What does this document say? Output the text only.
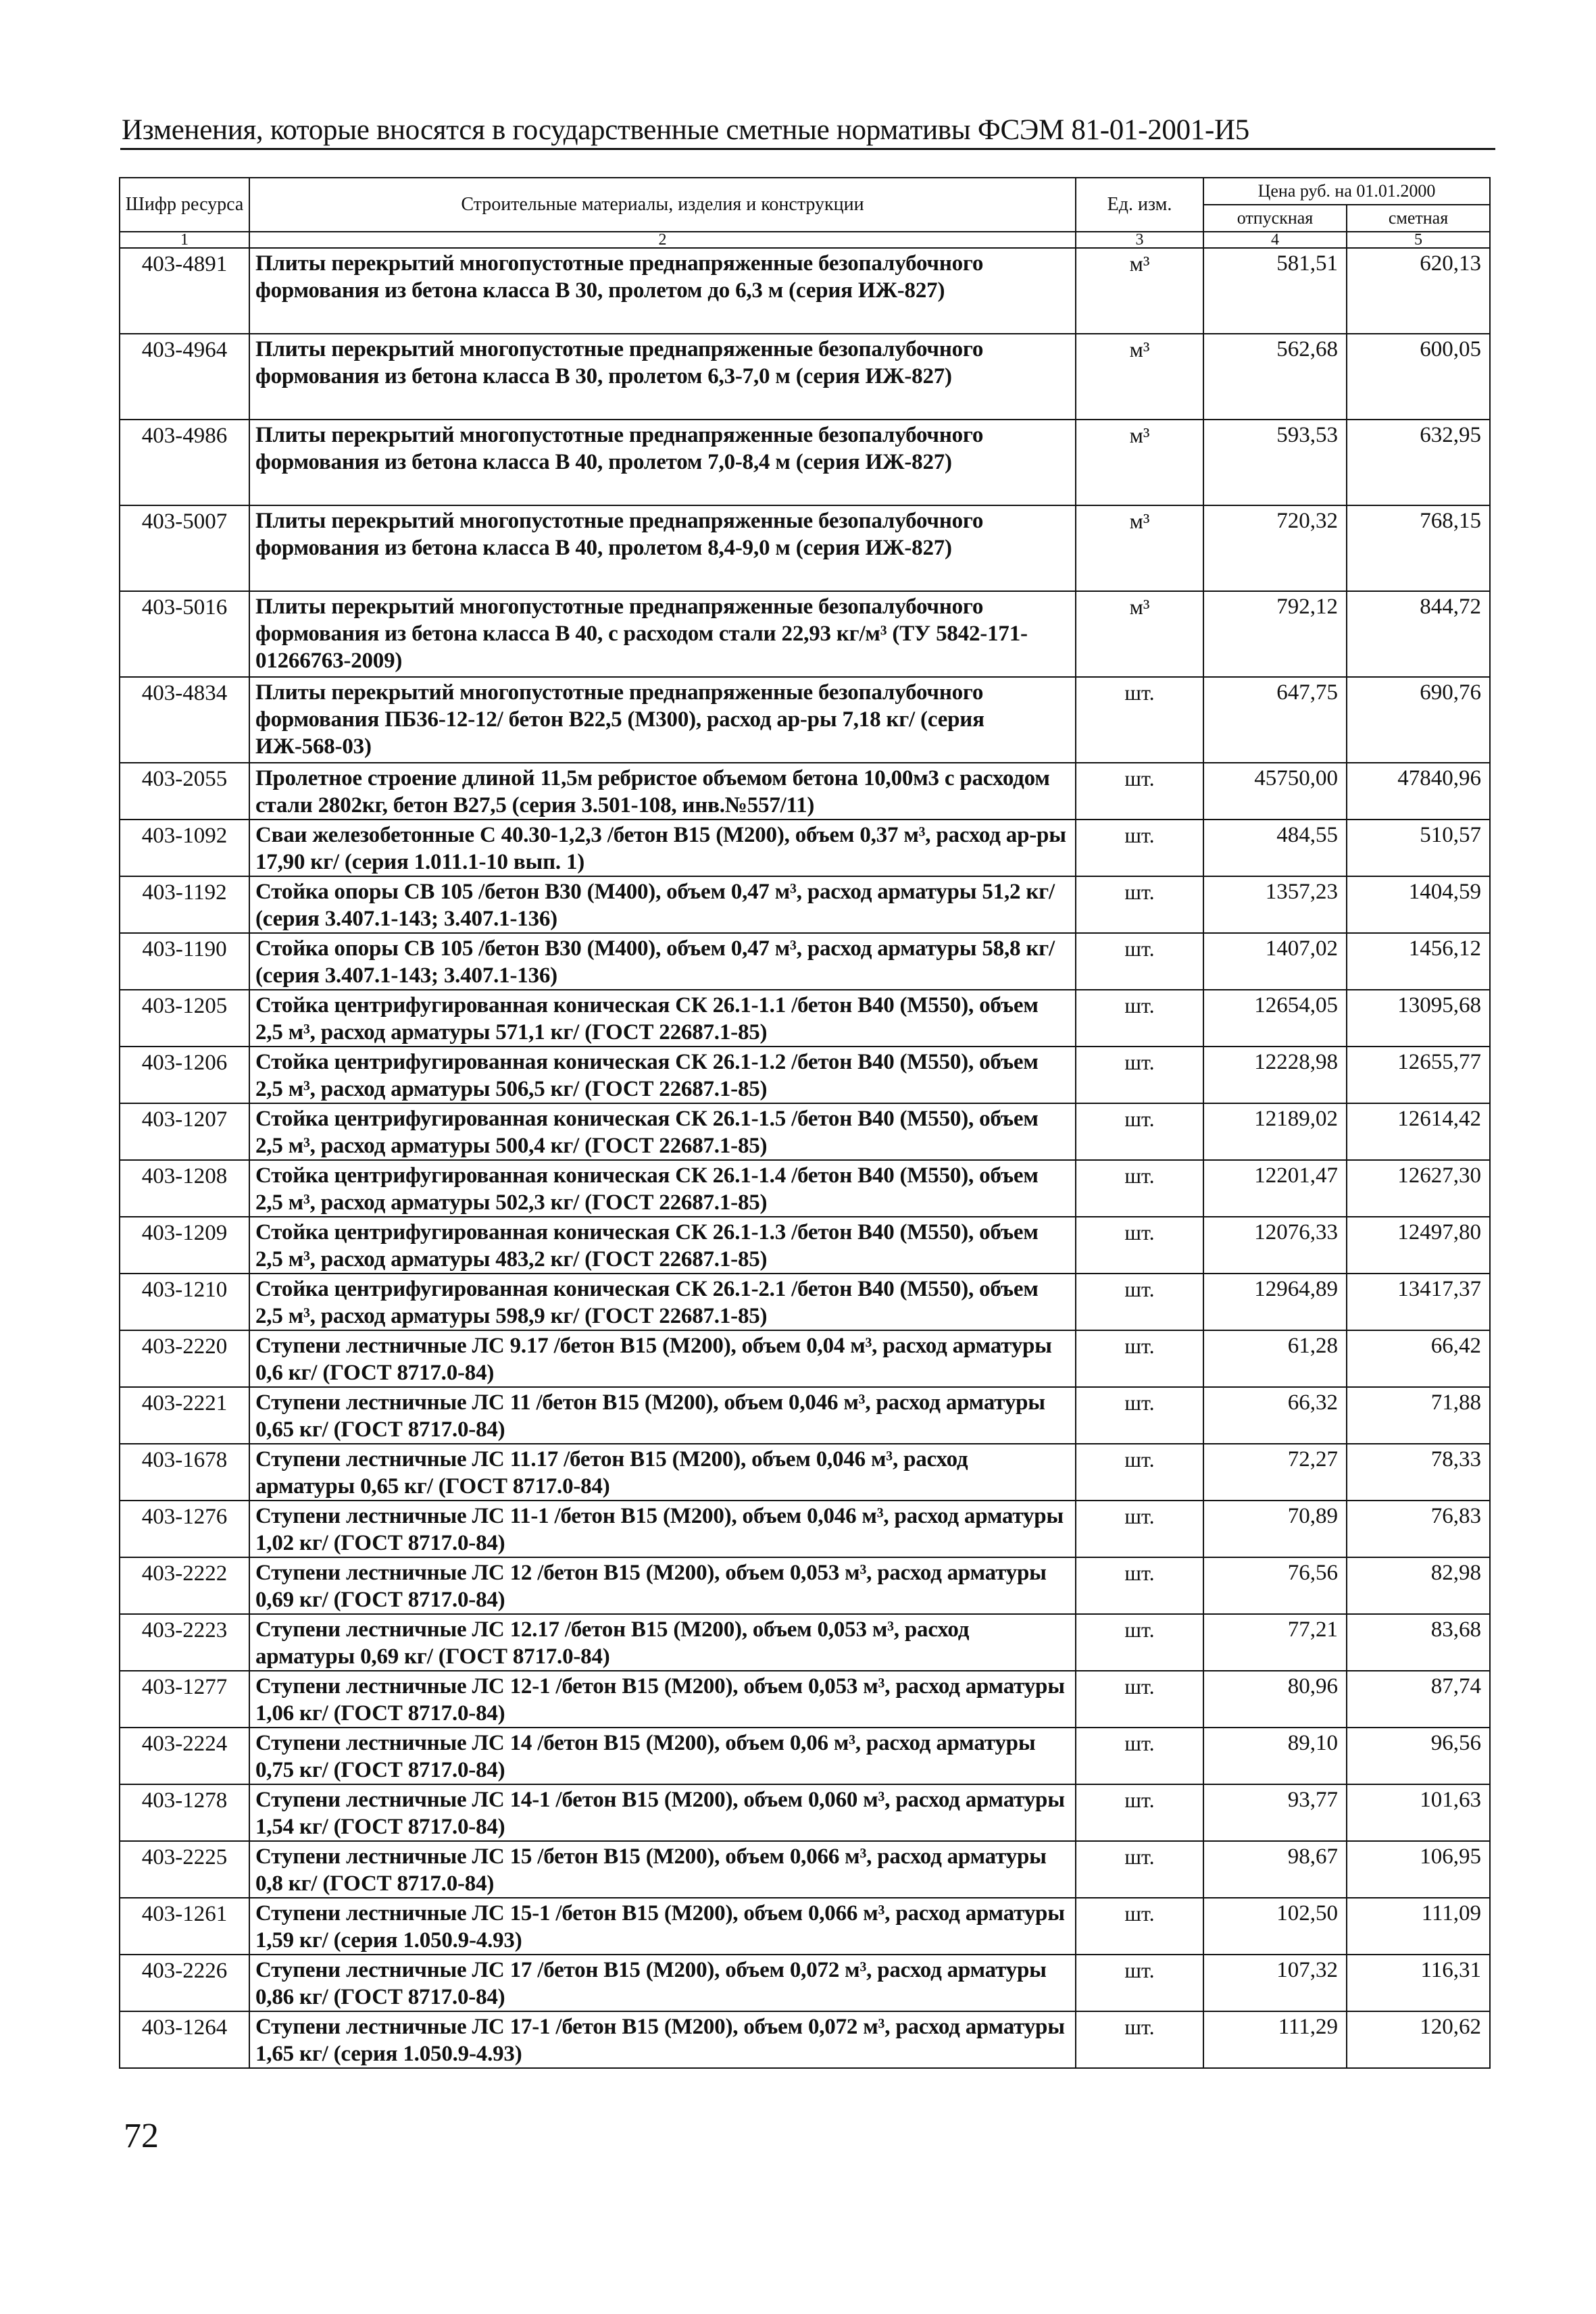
Изменения, которые вносятся в государственные сметные нормативы ФСЭМ 81-01-2001-И5
Шифр ресурса	Строительные материалы, изделия и конструкции	Ед. изм.	Цена руб. на 01.01.2000	
			отпускная	сметная
1	2	3	4	5
403-4891	Плиты перекрытий многопустотные преднапряженные безопалубочного формования из бетона класса В 30, пролетом до 6,3 м (серия ИЖ-827)	м³	581,51	620,13
403-4964	Плиты перекрытий многопустотные преднапряженные безопалубочного формования из бетона класса В 30, пролетом 6,3-7,0 м (серия ИЖ-827)	м³	562,68	600,05
403-4986	Плиты перекрытий многопустотные преднапряженные безопалубочного формования из бетона класса В 40, пролетом 7,0-8,4 м (серия ИЖ-827)	м³	593,53	632,95
403-5007	Плиты перекрытий многопустотные преднапряженные безопалубочного формования из бетона класса В 40, пролетом 8,4-9,0 м (серия ИЖ-827)	м³	720,32	768,15
403-5016	Плиты перекрытий многопустотные преднапряженные безопалубочного формования из бетона класса В 40, с расходом стали 22,93 кг/м³ (ТУ 5842-171-01266763-2009)	м³	792,12	844,72
403-4834	Плиты перекрытий многопустотные преднапряженные безопалубочного формования ПБ36-12-12/ бетон В22,5 (М300), расход ар-ры 7,18 кг/ (серия ИЖ-568-03)	шт.	647,75	690,76
403-2055	Пролетное строение длиной 11,5м ребристое объемом бетона 10,00м3 с расходом стали 2802кг, бетон В27,5 (серия 3.501-108, инв.№557/11)	шт.	45750,00	47840,96
403-1092	Сваи железобетонные С 40.30-1,2,3 /бетон В15 (М200), объем 0,37 м³, расход ар-ры 17,90 кг/ (серия 1.011.1-10 вып. 1)	шт.	484,55	510,57
403-1192	Стойка опоры СВ 105 /бетон В30 (М400), объем 0,47 м³, расход арматуры 51,2 кг/ (серия 3.407.1-143; 3.407.1-136)	шт.	1357,23	1404,59
403-1190	Стойка опоры СВ 105 /бетон В30 (М400), объем 0,47 м³, расход арматуры 58,8 кг/ (серия 3.407.1-143; 3.407.1-136)	шт.	1407,02	1456,12
403-1205	Стойка центрифугированная коническая СК 26.1-1.1 /бетон В40 (М550), объем 2,5 м³, расход арматуры 571,1 кг/ (ГОСТ 22687.1-85)	шт.	12654,05	13095,68
403-1206	Стойка центрифугированная коническая СК 26.1-1.2 /бетон В40 (М550), объем 2,5 м³, расход арматуры 506,5 кг/ (ГОСТ 22687.1-85)	шт.	12228,98	12655,77
403-1207	Стойка центрифугированная коническая СК 26.1-1.5 /бетон В40 (М550), объем 2,5 м³, расход арматуры 500,4 кг/ (ГОСТ 22687.1-85)	шт.	12189,02	12614,42
403-1208	Стойка центрифугированная коническая СК 26.1-1.4 /бетон В40 (М550), объем 2,5 м³, расход арматуры 502,3 кг/ (ГОСТ 22687.1-85)	шт.	12201,47	12627,30
403-1209	Стойка центрифугированная коническая СК 26.1-1.3 /бетон В40 (М550), объем 2,5 м³, расход арматуры 483,2 кг/ (ГОСТ 22687.1-85)	шт.	12076,33	12497,80
403-1210	Стойка центрифугированная коническая СК 26.1-2.1 /бетон В40 (М550), объем 2,5 м³, расход арматуры 598,9 кг/ (ГОСТ 22687.1-85)	шт.	12964,89	13417,37
403-2220	Ступени лестничные ЛС 9.17 /бетон В15 (М200), объем 0,04 м³, расход арматуры 0,6 кг/ (ГОСТ 8717.0-84)	шт.	61,28	66,42
403-2221	Ступени лестничные ЛС 11 /бетон В15 (М200), объем 0,046 м³, расход арматуры 0,65 кг/ (ГОСТ 8717.0-84)	шт.	66,32	71,88
403-1678	Ступени лестничные ЛС 11.17 /бетон В15 (М200), объем 0,046 м³, расход арматуры 0,65 кг/ (ГОСТ 8717.0-84)	шт.	72,27	78,33
403-1276	Ступени лестничные ЛС 11-1 /бетон В15 (М200), объем 0,046 м³, расход арматуры 1,02 кг/ (ГОСТ 8717.0-84)	шт.	70,89	76,83
403-2222	Ступени лестничные ЛС 12 /бетон В15 (М200), объем 0,053 м³, расход арматуры 0,69 кг/ (ГОСТ 8717.0-84)	шт.	76,56	82,98
403-2223	Ступени лестничные ЛС 12.17 /бетон В15 (М200), объем 0,053 м³, расход арматуры 0,69 кг/ (ГОСТ 8717.0-84)	шт.	77,21	83,68
403-1277	Ступени лестничные ЛС 12-1 /бетон В15 (М200), объем 0,053 м³, расход арматуры 1,06 кг/ (ГОСТ 8717.0-84)	шт.	80,96	87,74
403-2224	Ступени лестничные ЛС 14 /бетон В15 (М200), объем 0,06 м³, расход арматуры 0,75 кг/ (ГОСТ 8717.0-84)	шт.	89,10	96,56
403-1278	Ступени лестничные ЛС 14-1 /бетон В15 (М200), объем 0,060 м³, расход арматуры 1,54 кг/ (ГОСТ 8717.0-84)	шт.	93,77	101,63
403-2225	Ступени лестничные ЛС 15 /бетон В15 (М200), объем 0,066 м³, расход арматуры 0,8 кг/ (ГОСТ 8717.0-84)	шт.	98,67	106,95
403-1261	Ступени лестничные ЛС 15-1 /бетон В15 (М200), объем 0,066 м³, расход арматуры 1,59 кг/ (серия 1.050.9-4.93)	шт.	102,50	111,09
403-2226	Ступени лестничные ЛС 17 /бетон В15 (М200), объем 0,072 м³, расход арматуры 0,86 кг/ (ГОСТ 8717.0-84)	шт.	107,32	116,31
403-1264	Ступени лестничные ЛС 17-1 /бетон В15 (М200), объем 0,072 м³, расход арматуры 1,65 кг/ (серия 1.050.9-4.93)	шт.	111,29	120,62
72
